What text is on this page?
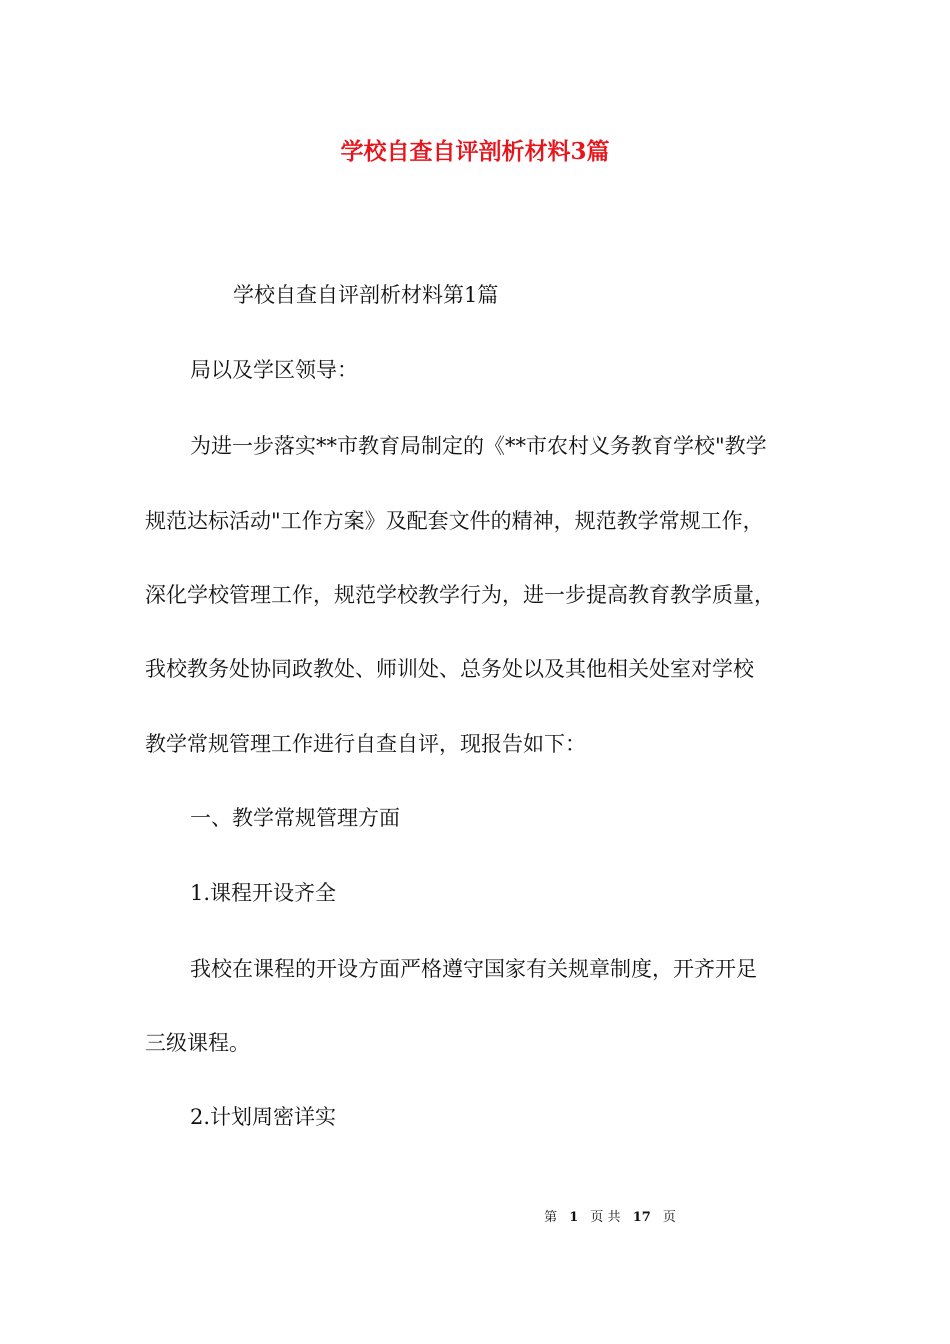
学校自查自评剖析材料3篇

学校自查自评剖析材料第1篇

局以及学区领导：

为进一步落实**市教育局制定的《**市农村义务教育学校"教学

规范达标活动"工作方案》及配套文件的精神，规范教学常规工作，

深化学校管理工作，规范学校教学行为，进一步提高教育教学质量，

我校教务处协同政教处、师训处、总务处以及其他相关处室对学校

教学常规管理工作进行自查自评，现报告如下：

一、教学常规管理方面

1.课程开设齐全

我校在课程的开设方面严格遵守国家有关规章制度，开齐开足

三级课程。

2.计划周密详实

第 1 页 共 17 页
